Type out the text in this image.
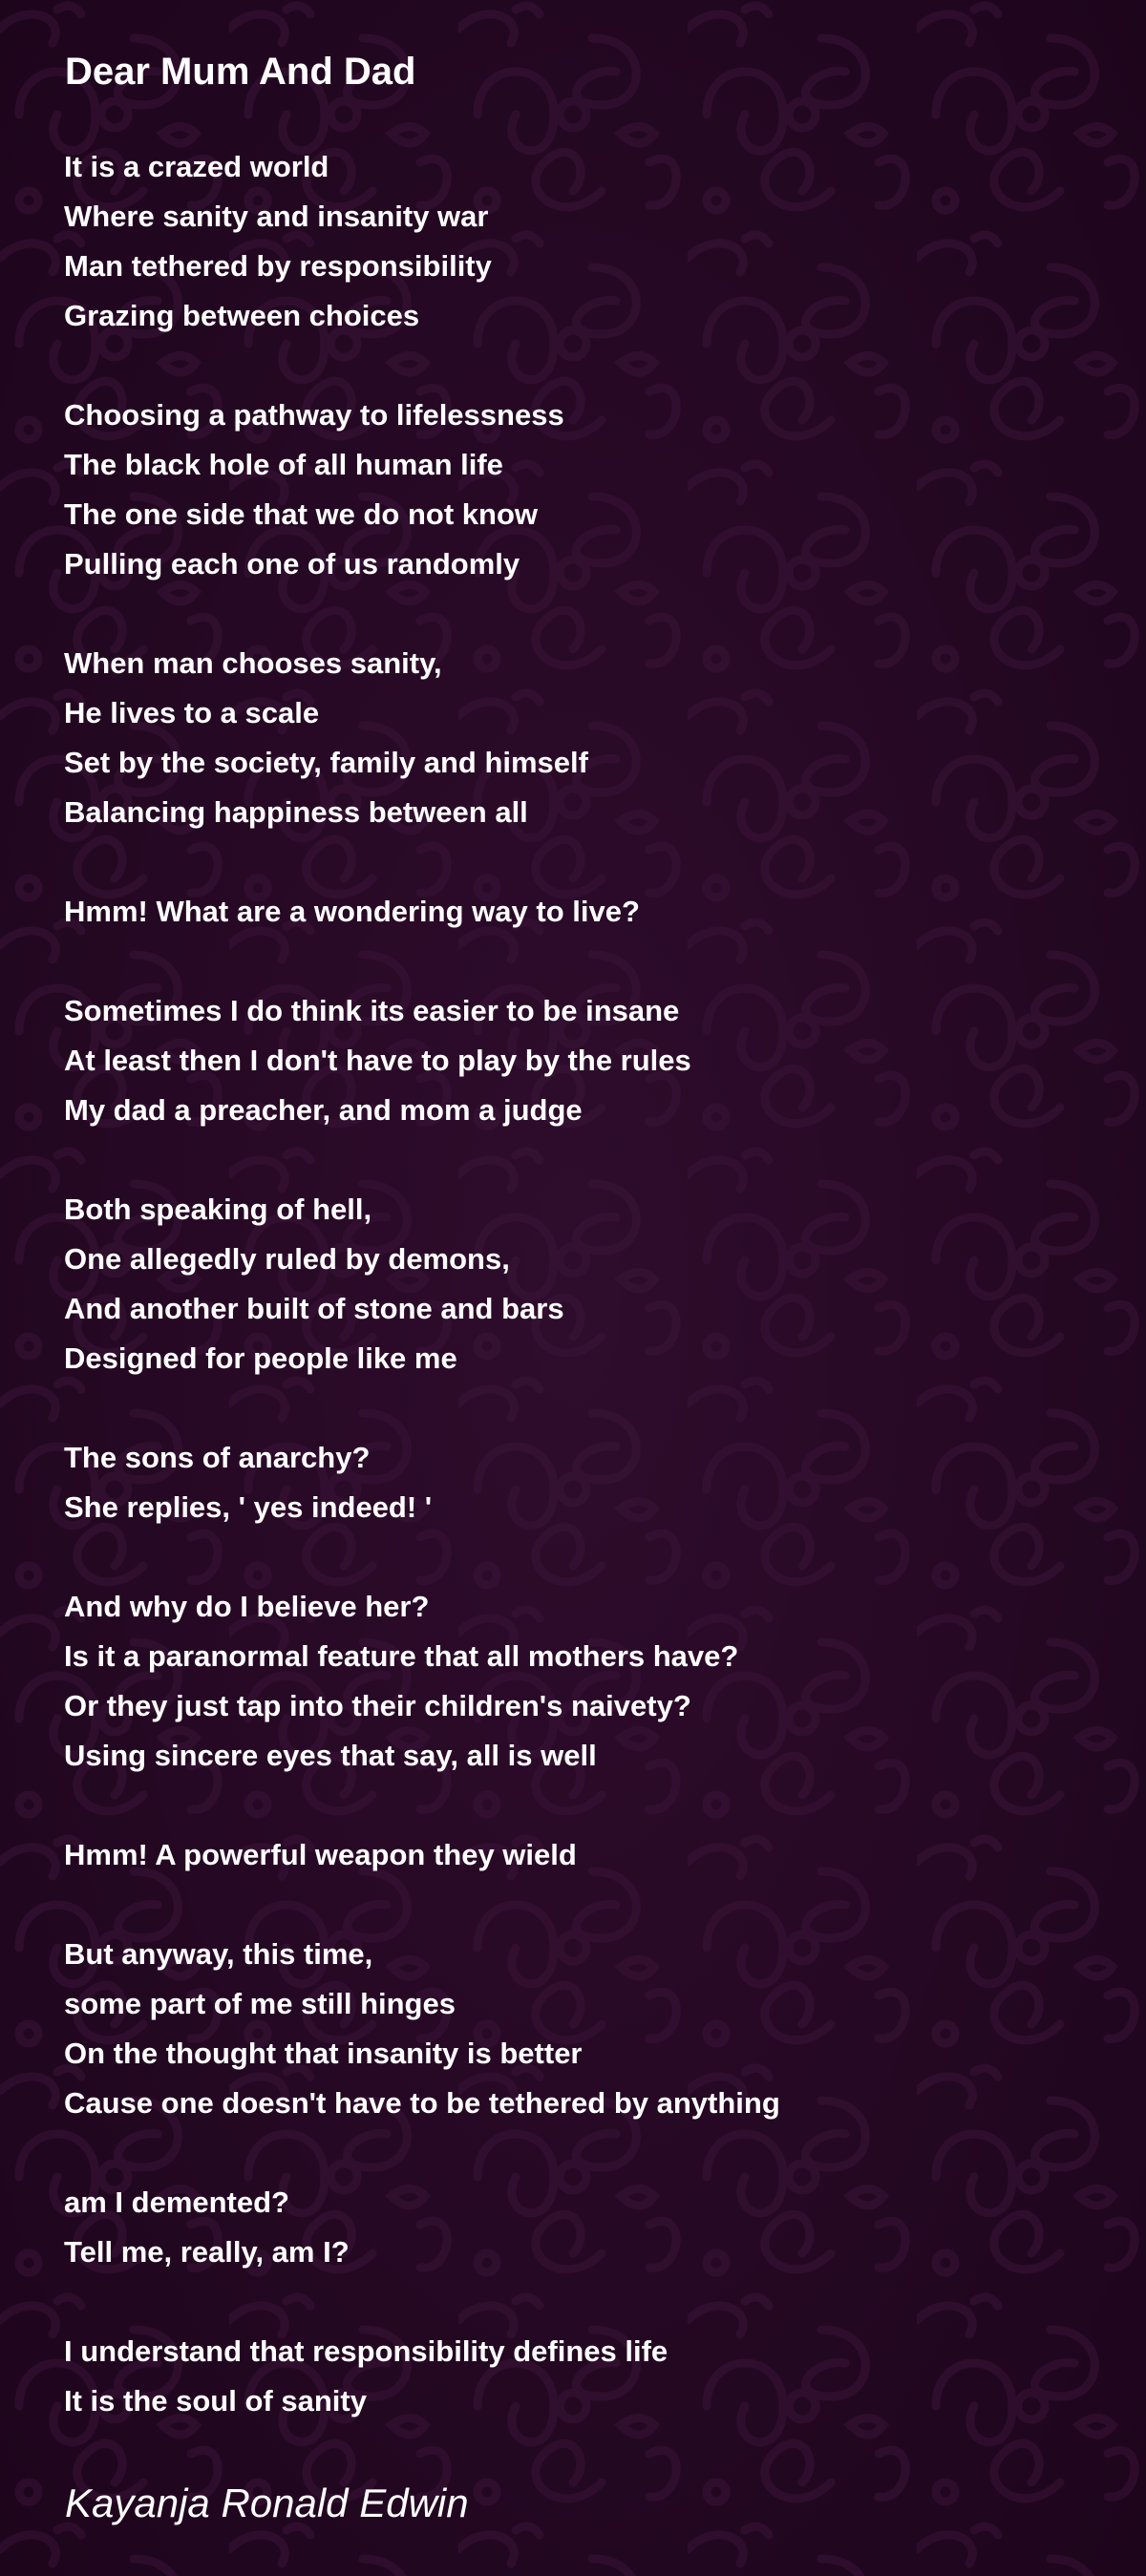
Dear Mum And Dad
It is a crazed world
Where sanity and insanity war
Man tethered by responsibility
Grazing between choices
Choosing a pathway to lifelessness
The black hole of all human life
The one side that we do not know
Pulling each one of us randomly
When man chooses sanity,
He lives to a scale
Set by the society, family and himself
Balancing happiness between all
Hmm! What are a wondering way to live?
Sometimes I do think its easier to be insane
At least then I don't have to play by the rules
My dad a preacher, and mom a judge
Both speaking of hell,
One allegedly ruled by demons,
And another built of stone and bars
Designed for people like me
The sons of anarchy?
She replies, ' yes indeed! '
And why do I believe her?
Is it a paranormal feature that all mothers have?
Or they just tap into their children's naivety?
Using sincere eyes that say, all is well
Hmm! A powerful weapon they wield
But anyway, this time,
some part of me still hinges
On the thought that insanity is better
Cause one doesn't have to be tethered by anything
am I demented?
Tell me, really, am I?
I understand that responsibility defines life
It is the soul of sanity
Kayanja Ronald Edwin
